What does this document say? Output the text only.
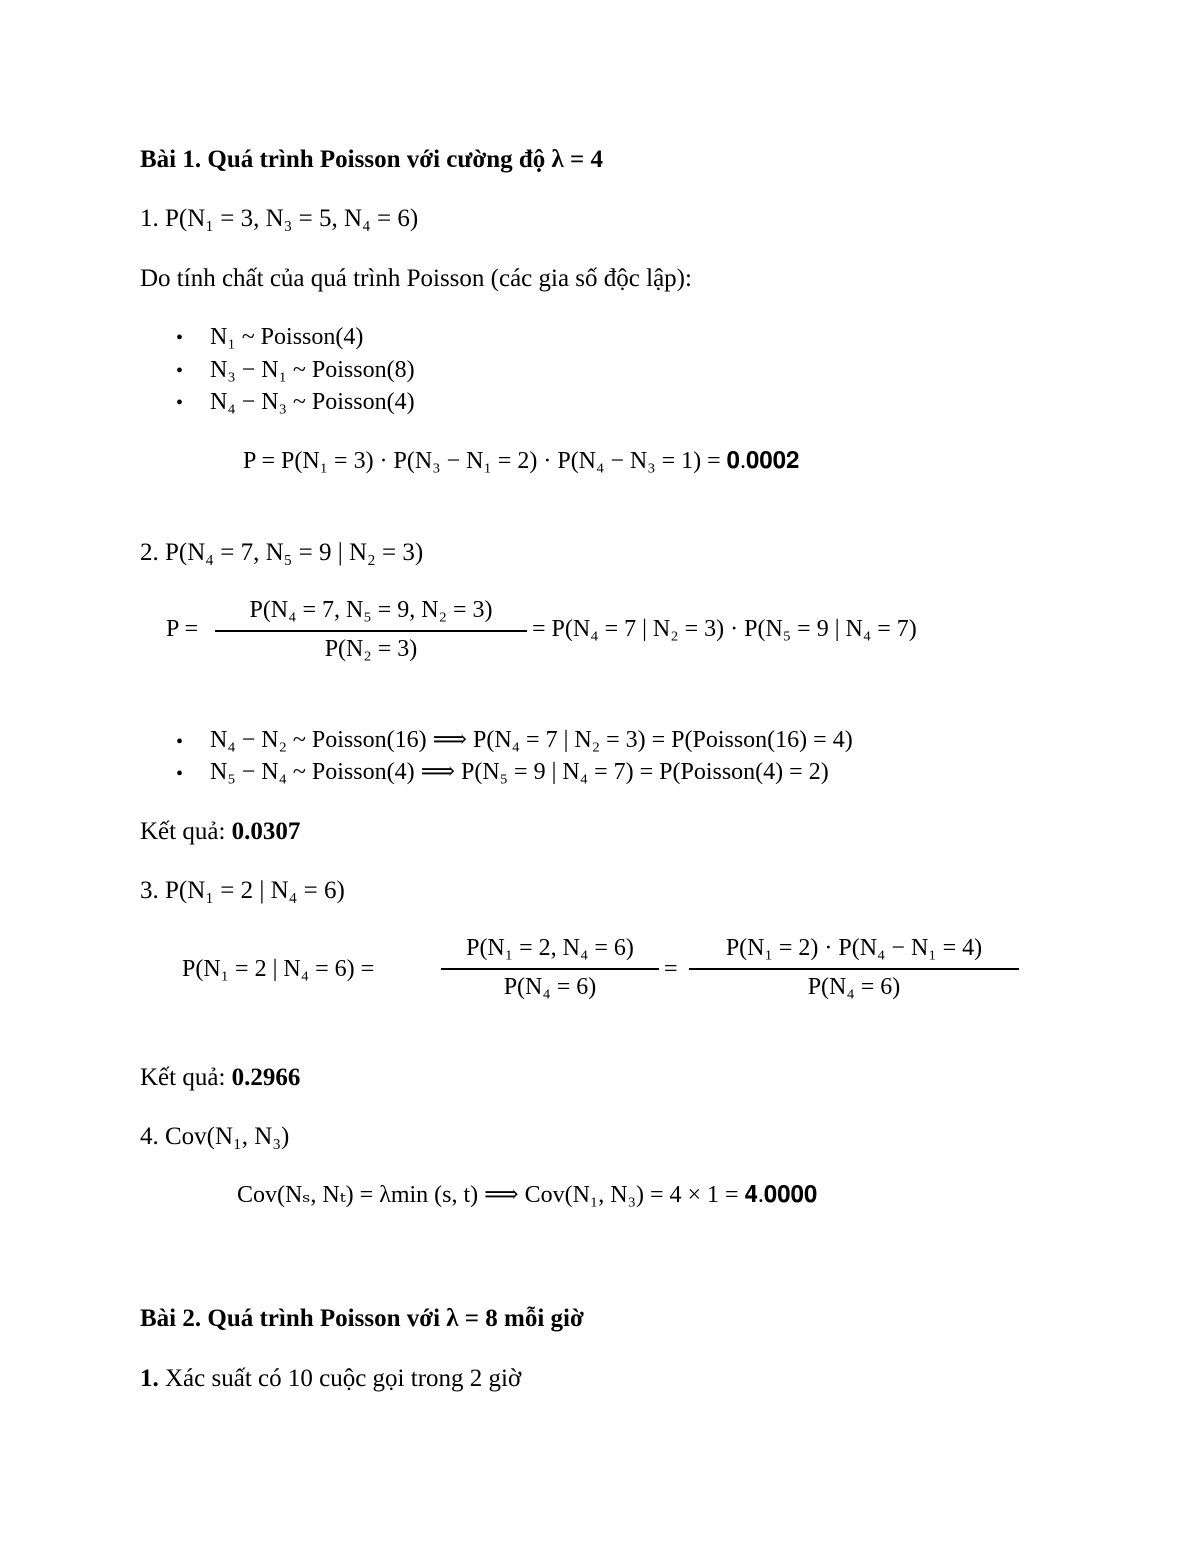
Bài 1. Quá trình Poisson với cường độ λ = 4
1. P(N₁ = 3, N₃ = 5, N₄ = 6)
Do tính chất của quá trình Poisson (các gia số độc lập):
• N₁ ~ Poisson(4)
• N₃ − N₁ ~ Poisson(8)
• N₄ − N₃ ~ Poisson(4)
P = P(N₁ = 3) · P(N₃ − N₁ = 2) · P(N₄ − N₃ = 1) = 𝟎.𝟎𝟎𝟎𝟐
2. P(N₄ = 7, N₅ = 9 | N₂ = 3)
P =
P(N₄ = 7, N₅ = 9, N₂ = 3)
P(N₂ = 3)
= P(N₄ = 7 | N₂ = 3) · P(N₅ = 9 | N₄ = 7)
• N₄ − N₂ ~ Poisson(16) ⟹ P(N₄ = 7 | N₂ = 3) = P(Poisson(16) = 4)
• N₅ − N₄ ~ Poisson(4) ⟹ P(N₅ = 9 | N₄ = 7) = P(Poisson(4) = 2)
Kết quả: 0.0307
3. P(N₁ = 2 | N₄ = 6)
P(N₁ = 2 | N₄ = 6) =
P(N₁ = 2, N₄ = 6)
P(N₄ = 6)
=
P(N₁ = 2) · P(N₄ − N₁ = 4)
P(N₄ = 6)
Kết quả: 0.2966
4. Cov(N₁, N₃)
Cov(Nₛ, Nₜ) = λmin (s, t) ⟹ Cov(N₁, N₃) = 4 × 1 = 𝟒.𝟎𝟎𝟎𝟎
Bài 2. Quá trình Poisson với λ = 8 mỗi giờ
1. Xác suất có 10 cuộc gọi trong 2 giờ
